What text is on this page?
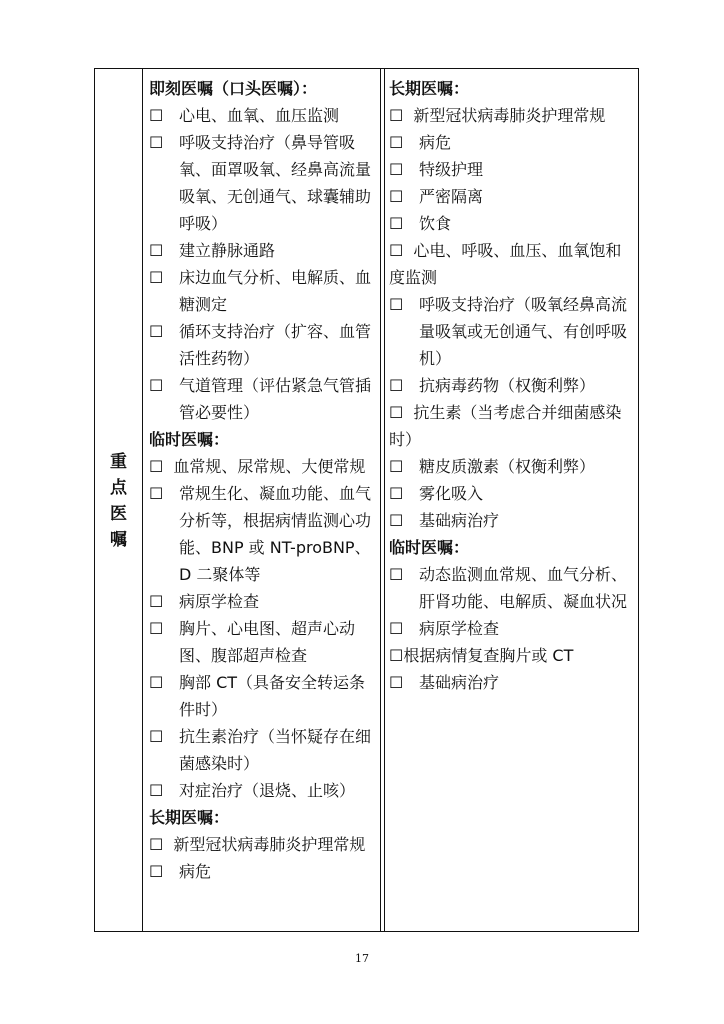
重
点
医
嘱
即刻医嘱（口头医嘱）：
☐ 心电、血氧、血压监测
☐ 呼吸支持治疗（鼻导管吸氧、面罩吸氧、经鼻高流量吸氧、无创通气、球囊辅助呼吸）
☐ 建立静脉通路
☐ 床边血气分析、电解质、血糖测定
☐ 循环支持治疗（扩容、血管活性药物）
☐ 气道管理（评估紧急气管插管必要性）
临时医嘱：
☐ 血常规、尿常规、大便常规
☐ 常规生化、凝血功能、血气分析等，根据病情监测心功能、BNP 或 NT-proBNP、D 二聚体等
☐ 病原学检查
☐ 胸片、心电图、超声心动图、腹部超声检查
☐ 胸部 CT（具备安全转运条件时）
☐ 抗生素治疗（当怀疑存在细菌感染时）
☐ 对症治疗（退烧、止咳）
长期医嘱：
☐ 新型冠状病毒肺炎护理常规
☐ 病危
长期医嘱：
☐ 新型冠状病毒肺炎护理常规
☐ 病危
☐ 特级护理
☐ 严密隔离
☐ 饮食
☐ 心电、呼吸、血压、血氧饱和度监测
☐ 呼吸支持治疗（吸氧经鼻高流量吸氧或无创通气、有创呼吸机）
☐ 抗病毒药物（权衡利弊）
☐ 抗生素（当考虑合并细菌感染时）
☐ 糖皮质激素（权衡利弊）
☐ 雾化吸入
☐ 基础病治疗
临时医嘱：
☐ 动态监测血常规、血气分析、肝肾功能、电解质、凝血状况
☐ 病原学检查
☐根据病情复查胸片或 CT
☐ 基础病治疗
17
